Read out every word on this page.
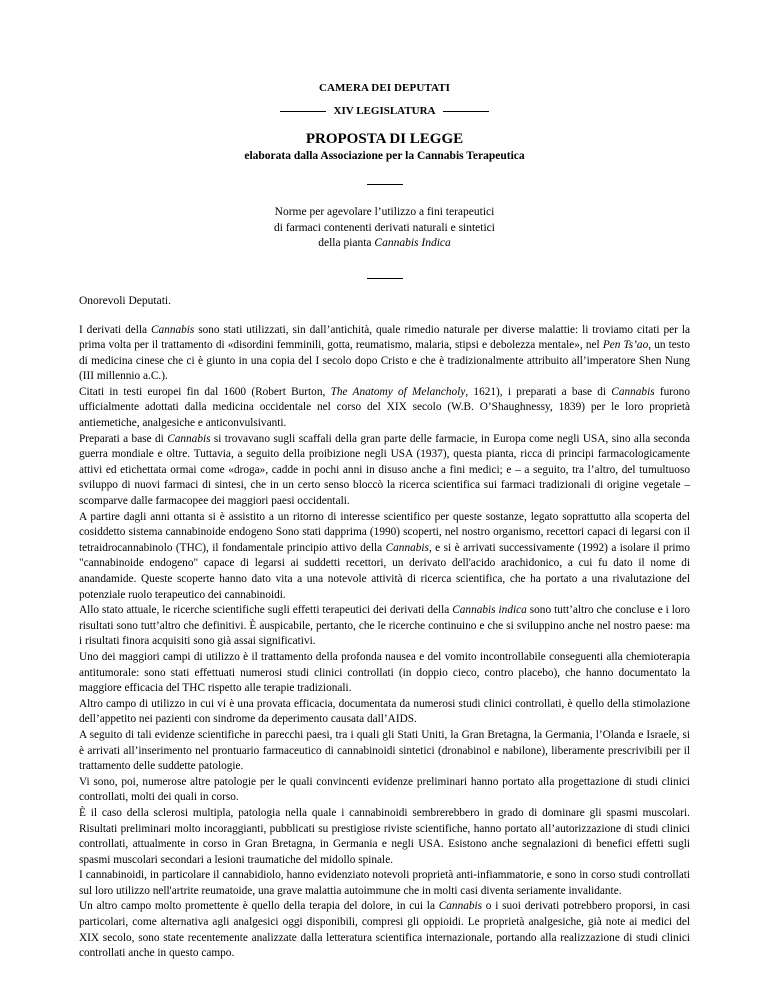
CAMERA DEI DEPUTATI
XIV LEGISLATURA
PROPOSTA DI LEGGE
elaborata dalla Associazione per la Cannabis Terapeutica
Norme per agevolare l’utilizzo a fini terapeutici
di farmaci contenenti derivati naturali e sintetici
della pianta Cannabis Indica
Onorevoli Deputati.

I derivati della Cannabis sono stati utilizzati, sin dall’antichità, quale rimedio naturale per diverse malattie: li troviamo citati per la prima volta per il trattamento di «disordini femminili, gotta, reumatismo, malaria, stipsi e debolezza mentale», nel Pen Ts’ao, un testo di medicina cinese che ci è giunto in una copia del I secolo dopo Cristo e che è tradizionalmente attribuito all’imperatore Shen Nung (III millennio a.C.).

Citati in testi europei fin dal 1600 (Robert Burton, The Anatomy of Melancholy, 1621), i preparati a base di Cannabis furono ufficialmente adottati dalla medicina occidentale nel corso del XIX secolo (W.B. O’Shaughnessy, 1839) per le loro proprietà antiemetiche, analgesiche e anticonvulsivanti.

Preparati a base di Cannabis si trovavano sugli scaffali della gran parte delle farmacie, in Europa come negli USA, sino alla seconda guerra mondiale e oltre. Tuttavia, a seguito della proibizione negli USA (1937), questa pianta, ricca di principi farmacologicamente attivi ed etichettata ormai come «droga», cadde in pochi anni in disuso anche a fini medici; e – a seguito, tra l’altro, del tumultuoso sviluppo di nuovi farmaci di sintesi, che in un certo senso bloccò la ricerca scientifica sui farmaci tradizionali di origine vegetale – scomparve dalle farmacopee dei maggiori paesi occidentali.

A partire dagli anni ottanta si è assistito a un ritorno di interesse scientifico per queste sostanze, legato soprattutto alla scoperta del cosiddetto sistema cannabinoide endogeno Sono stati dapprima (1990) scoperti, nel nostro organismo, recettori capaci di legarsi con il tetraidrocannabinolo (THC), il fondamentale principio attivo della Cannabis, e si è arrivati successivamente (1992) a isolare il primo "cannabinoide endogeno" capace di legarsi ai suddetti recettori, un derivato dell'acido arachidonico, a cui fu dato il nome di anandamide. Queste scoperte hanno dato vita a una notevole attività di ricerca scientifica, che ha portato a una rivalutazione del potenziale ruolo terapeutico dei cannabinoidi.

Allo stato attuale, le ricerche scientifiche sugli effetti terapeutici dei derivati della Cannabis indica sono tutt’altro che concluse e i loro risultati sono tutt’altro che definitivi. È auspicabile, pertanto, che le ricerche continuino e che si sviluppino anche nel nostro paese: ma i risultati finora acquisiti sono già assai significativi.

Uno dei maggiori campi di utilizzo è il trattamento della profonda nausea e del vomito incontrollabile conseguenti alla chemioterapia antitumorale: sono stati effettuati numerosi studi clinici controllati (in doppio cieco, contro placebo), che hanno documentato la maggiore efficacia del THC rispetto alle terapie tradizionali.

Altro campo di utilizzo in cui vi è una provata efficacia, documentata da numerosi studi clinici controllati, è quello della stimolazione dell’appetito nei pazienti con sindrome da deperimento causata dall’AIDS.

A seguito di tali evidenze scientifiche in parecchi paesi, tra i quali gli Stati Uniti, la Gran Bretagna, la Germania, l’Olanda e Israele, si è arrivati all’inserimento nel prontuario farmaceutico di cannabinoidi sintetici (dronabinol e nabilone), liberamente prescrivibili per il trattamento delle suddette patologie.

Vi sono, poi, numerose altre patologie per le quali convincenti evidenze preliminari hanno portato alla progettazione di studi clinici controllati, molti dei quali in corso.

È il caso della sclerosi multipla, patologia nella quale i cannabinoidi sembrerebbero in grado di dominare gli spasmi muscolari. Risultati preliminari molto incoraggianti, pubblicati su prestigiose riviste scientifiche, hanno portato all’autorizzazione di studi clinici controllati, attualmente in corso in Gran Bretagna, in Germania e negli USA. Esistono anche segnalazioni di benefici effetti sugli spasmi muscolari secondari a lesioni traumatiche del midollo spinale.

I cannabinoidi, in particolare il cannabidiolo, hanno evidenziato notevoli proprietà anti-infiammatorie, e sono in corso studi controllati sul loro utilizzo nell'artrite reumatoide, una grave malattia autoimmune che in molti casi diventa seriamente invalidante.

Un altro campo molto promettente è quello della terapia del dolore, in cui la Cannabis o i suoi derivati potrebbero proporsi, in casi particolari, come alternativa agli analgesici oggi disponibili, compresi gli oppioidi. Le proprietà analgesiche, già note ai medici del XIX secolo, sono state recentemente analizzate dalla letteratura scientifica internazionale, portando alla realizzazione di studi clinici controllati anche in questo campo.
